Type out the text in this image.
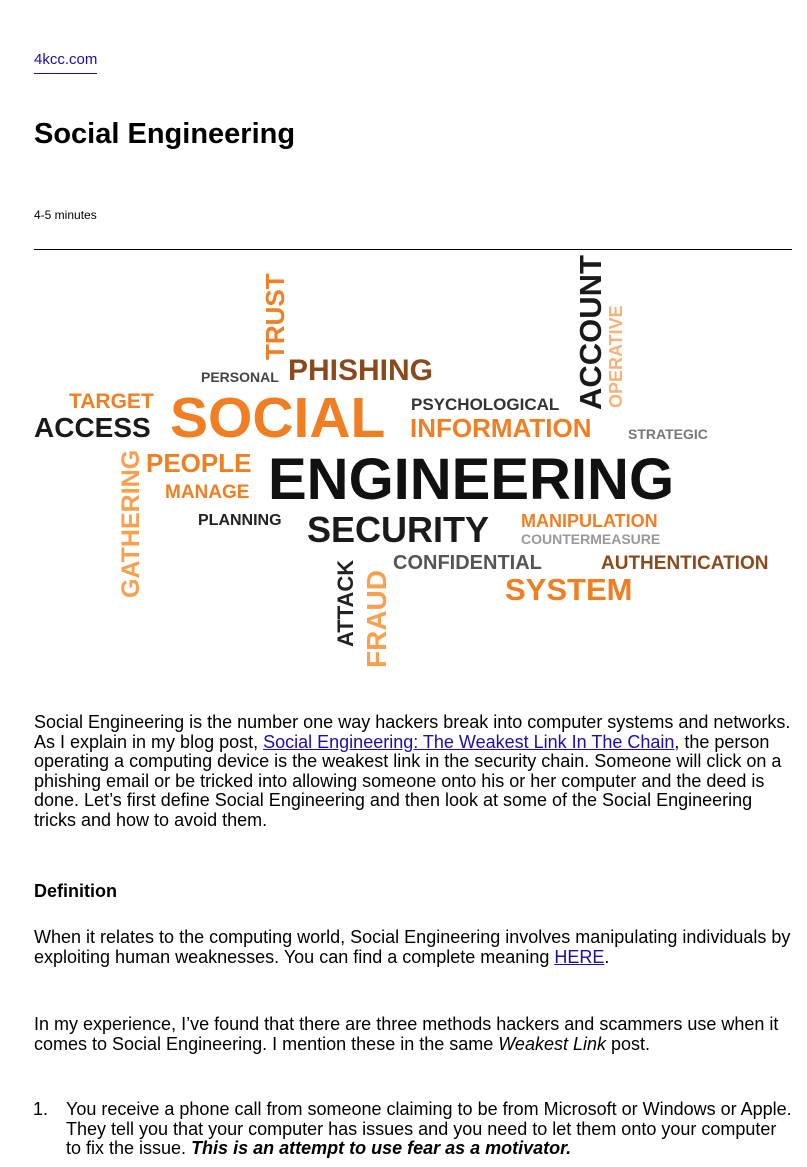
4kcc.com
Social Engineering
4-5 minutes
ACCOUNT
OPERATIVE
TRUST
PERSONAL PHISHING
TARGET
ACCESS SOCIAL PSYCHOLOGICAL
INFORMATION	STRATEGIC
GATHERING PEOPLE
MANAGE ENGINEERING
PLANNING SECURITY MANIPULATION
COUNTERMEASURE
ATTACK FRAUD
CONFIDENTIAL	AUTHENTICATION
SYSTEM

Social Engineering is the number one way hackers break into computer systems and networks. As I explain in my blog post, Social Engineering: The Weakest Link In The Chain, the person operating a computing device is the weakest link in the security chain. Someone will click on a phishing email or be tricked into allowing someone onto his or her computer and the deed is done. Let’s first define Social Engineering and then look at some of the Social Engineering tricks and how to avoid them.

Definition

When it relates to the computing world, Social Engineering involves manipulating individuals by exploiting human weaknesses. You can find a complete meaning HERE.

In my experience, I’ve found that there are three methods hackers and scammers use when it comes to Social Engineering. I mention these in the same Weakest Link post.

1. You receive a phone call from someone claiming to be from Microsoft or Windows or Apple. They tell you that your computer has issues and you need to let them onto your computer to fix the issue. This is an attempt to use fear as a motivator.
